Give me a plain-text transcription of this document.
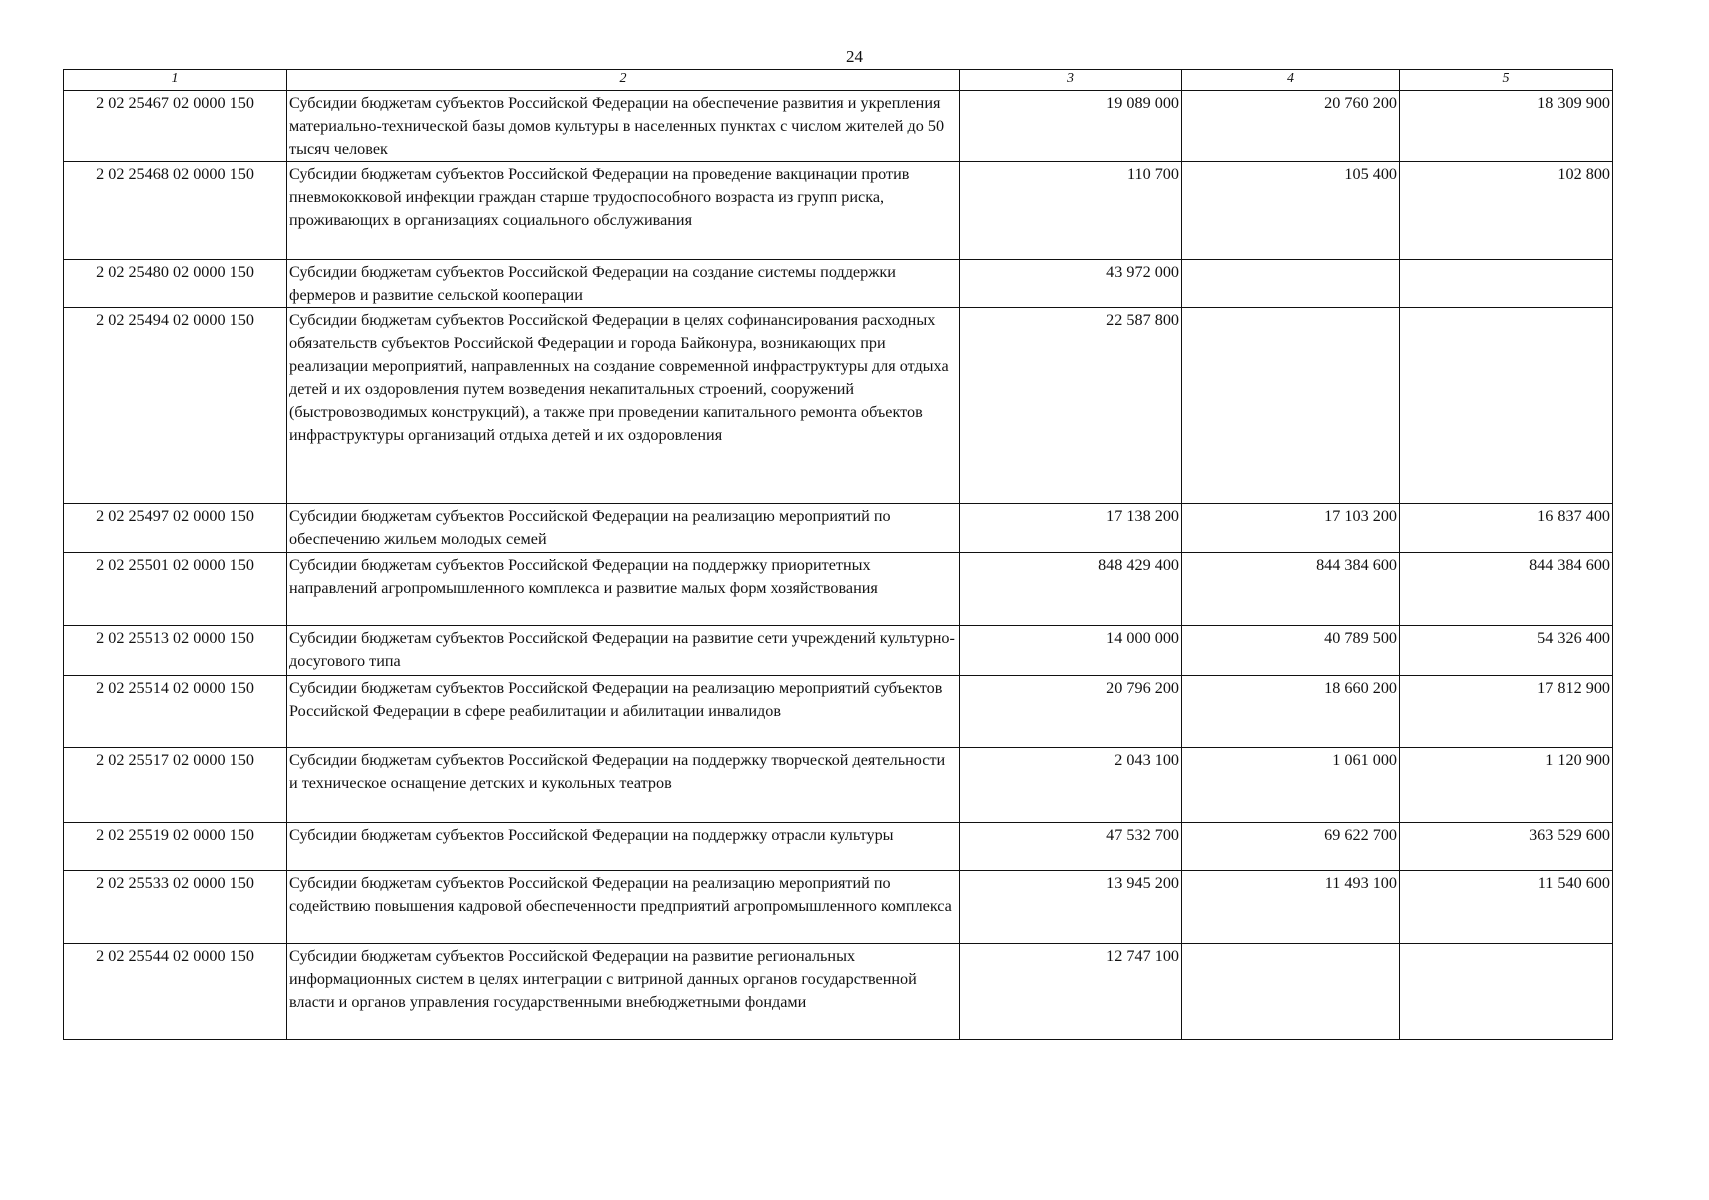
24
1	2	3	4	5
2 02 25467 02 0000 150	Субсидии бюджетам субъектов Российской Федерации на обеспечение развития и укрепления материально-технической базы домов культуры в населенных пунктах с числом жителей до 50 тысяч человек	19 089 000	20 760 200	18 309 900
2 02 25468 02 0000 150	Субсидии бюджетам субъектов Российской Федерации на проведение вакцинации против пневмококковой инфекции граждан старше трудоспособного возраста из групп риска, проживающих в организациях социального обслуживания	110 700	105 400	102 800
2 02 25480 02 0000 150	Субсидии бюджетам субъектов Российской Федерации на создание системы поддержки фермеров и развитие сельской кооперации	43 972 000		
2 02 25494 02 0000 150	Субсидии бюджетам субъектов Российской Федерации в целях софинансирования расходных обязательств субъектов Российской Федерации и города Байконура, возникающих при реализации мероприятий, направленных на создание современной инфраструктуры для отдыха детей и их оздоровления путем возведения некапитальных строений, сооружений (быстровозводимых конструкций), а также при проведении капитального ремонта объектов инфраструктуры организаций отдыха детей и их оздоровления	22 587 800		
2 02 25497 02 0000 150	Субсидии бюджетам субъектов Российской Федерации на реализацию мероприятий по обеспечению жильем молодых семей	17 138 200	17 103 200	16 837 400
2 02 25501 02 0000 150	Субсидии бюджетам субъектов Российской Федерации на поддержку приоритетных направлений агропромышленного комплекса и развитие малых форм хозяйствования	848 429 400	844 384 600	844 384 600
2 02 25513 02 0000 150	Субсидии бюджетам субъектов Российской Федерации на развитие сети учреждений культурно-досугового типа	14 000 000	40 789 500	54 326 400
2 02 25514 02 0000 150	Субсидии бюджетам субъектов Российской Федерации на реализацию мероприятий субъектов Российской Федерации в сфере реабилитации и абилитации инвалидов	20 796 200	18 660 200	17 812 900
2 02 25517 02 0000 150	Субсидии бюджетам субъектов Российской Федерации на поддержку творческой деятельности и техническое оснащение детских и кукольных театров	2 043 100	1 061 000	1 120 900
2 02 25519 02 0000 150	Субсидии бюджетам субъектов Российской Федерации на поддержку отрасли культуры	47 532 700	69 622 700	363 529 600
2 02 25533 02 0000 150	Субсидии бюджетам субъектов Российской Федерации на реализацию мероприятий по содействию повышения кадровой обеспеченности предприятий агропромышленного комплекса	13 945 200	11 493 100	11 540 600
2 02 25544 02 0000 150	Субсидии бюджетам субъектов Российской Федерации на развитие региональных информационных систем в целях интеграции с витриной данных органов государственной власти и органов управления государственными внебюджетными фондами	12 747 100		
